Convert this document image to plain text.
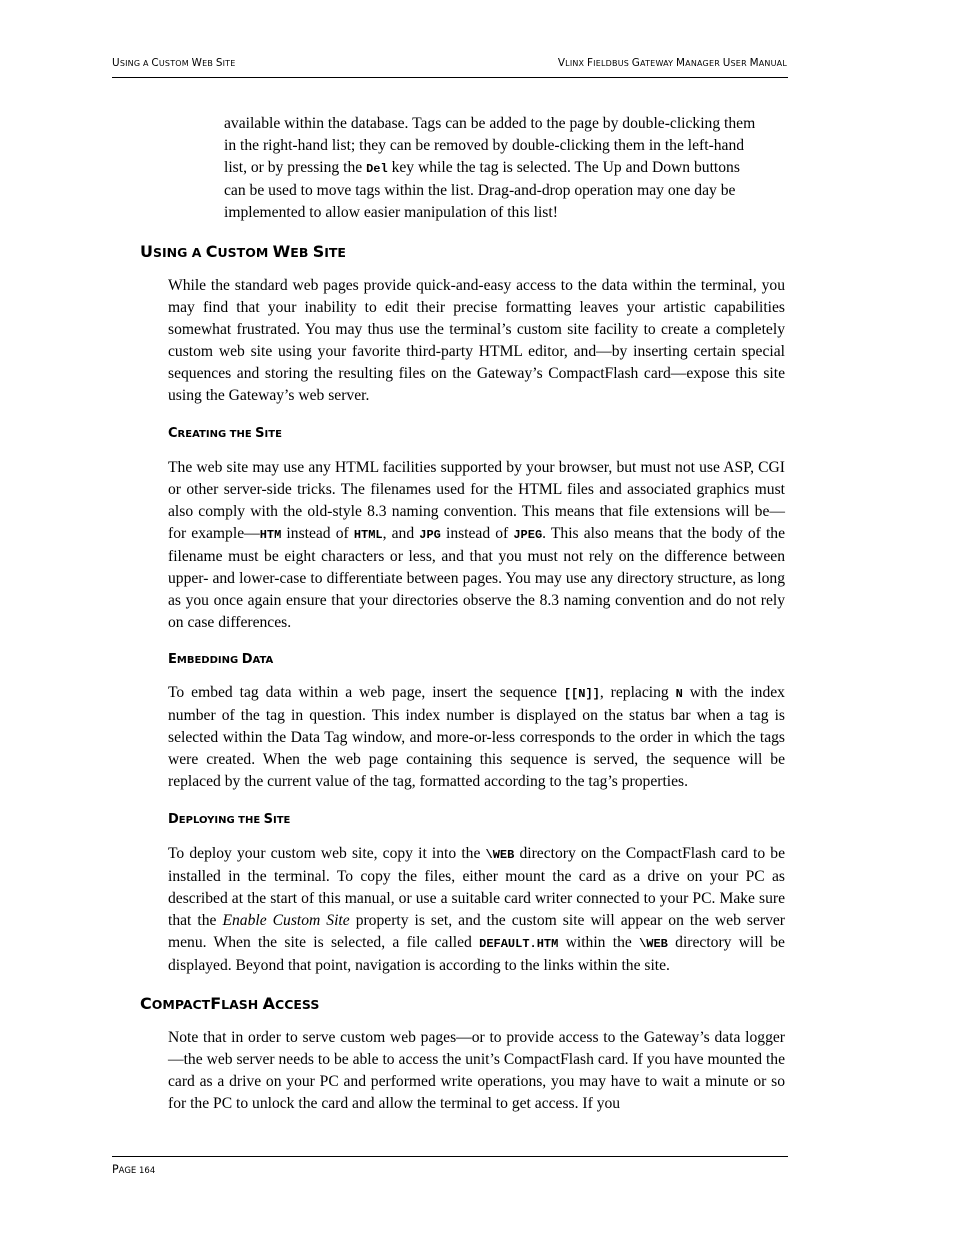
USING A CUSTOM WEB SITE	VLINX FIELDBUS GATEWAY MANAGER USER MANUAL

available within the database. Tags can be added to the page by double-clicking them in the right-hand list; they can be removed by double-clicking them in the left-hand list, or by pressing the Del key while the tag is selected. The Up and Down buttons can be used to move tags within the list. Drag-and-drop operation may one day be implemented to allow easier manipulation of this list!

USING A CUSTOM WEB SITE

While the standard web pages provide quick-and-easy access to the data within the terminal, you may find that your inability to edit their precise formatting leaves your artistic capabilities somewhat frustrated. You may thus use the terminal’s custom site facility to create a completely custom web site using your favorite third-party HTML editor, and—by inserting certain special sequences and storing the resulting files on the Gateway’s CompactFlash card—expose this site using the Gateway’s web server.

CREATING THE SITE

The web site may use any HTML facilities supported by your browser, but must not use ASP, CGI or other server-side tricks. The filenames used for the HTML files and associated graphics must also comply with the old-style 8.3 naming convention. This means that file extensions will be—for example—HTM instead of HTML, and JPG instead of JPEG. This also means that the body of the filename must be eight characters or less, and that you must not rely on the difference between upper- and lower-case to differentiate between pages. You may use any directory structure, as long as you once again ensure that your directories observe the 8.3 naming convention and do not rely on case differences.

EMBEDDING DATA

To embed tag data within a web page, insert the sequence [[N]], replacing N with the index number of the tag in question. This index number is displayed on the status bar when a tag is selected within the Data Tag window, and more-or-less corresponds to the order in which the tags were created. When the web page containing this sequence is served, the sequence will be replaced by the current value of the tag, formatted according to the tag’s properties.

DEPLOYING THE SITE

To deploy your custom web site, copy it into the \WEB directory on the CompactFlash card to be installed in the terminal. To copy the files, either mount the card as a drive on your PC as described at the start of this manual, or use a suitable card writer connected to your PC. Make sure that the Enable Custom Site property is set, and the custom site will appear on the web server menu. When the site is selected, a file called DEFAULT.HTM within the \WEB directory will be displayed. Beyond that point, navigation is according to the links within the site.

COMPACTFLASH ACCESS

Note that in order to serve custom web pages—or to provide access to the Gateway’s data logger—the web server needs to be able to access the unit’s CompactFlash card. If you have mounted the card as a drive on your PC and performed write operations, you may have to wait a minute or so for the PC to unlock the card and allow the terminal to get access. If you

PAGE 164
